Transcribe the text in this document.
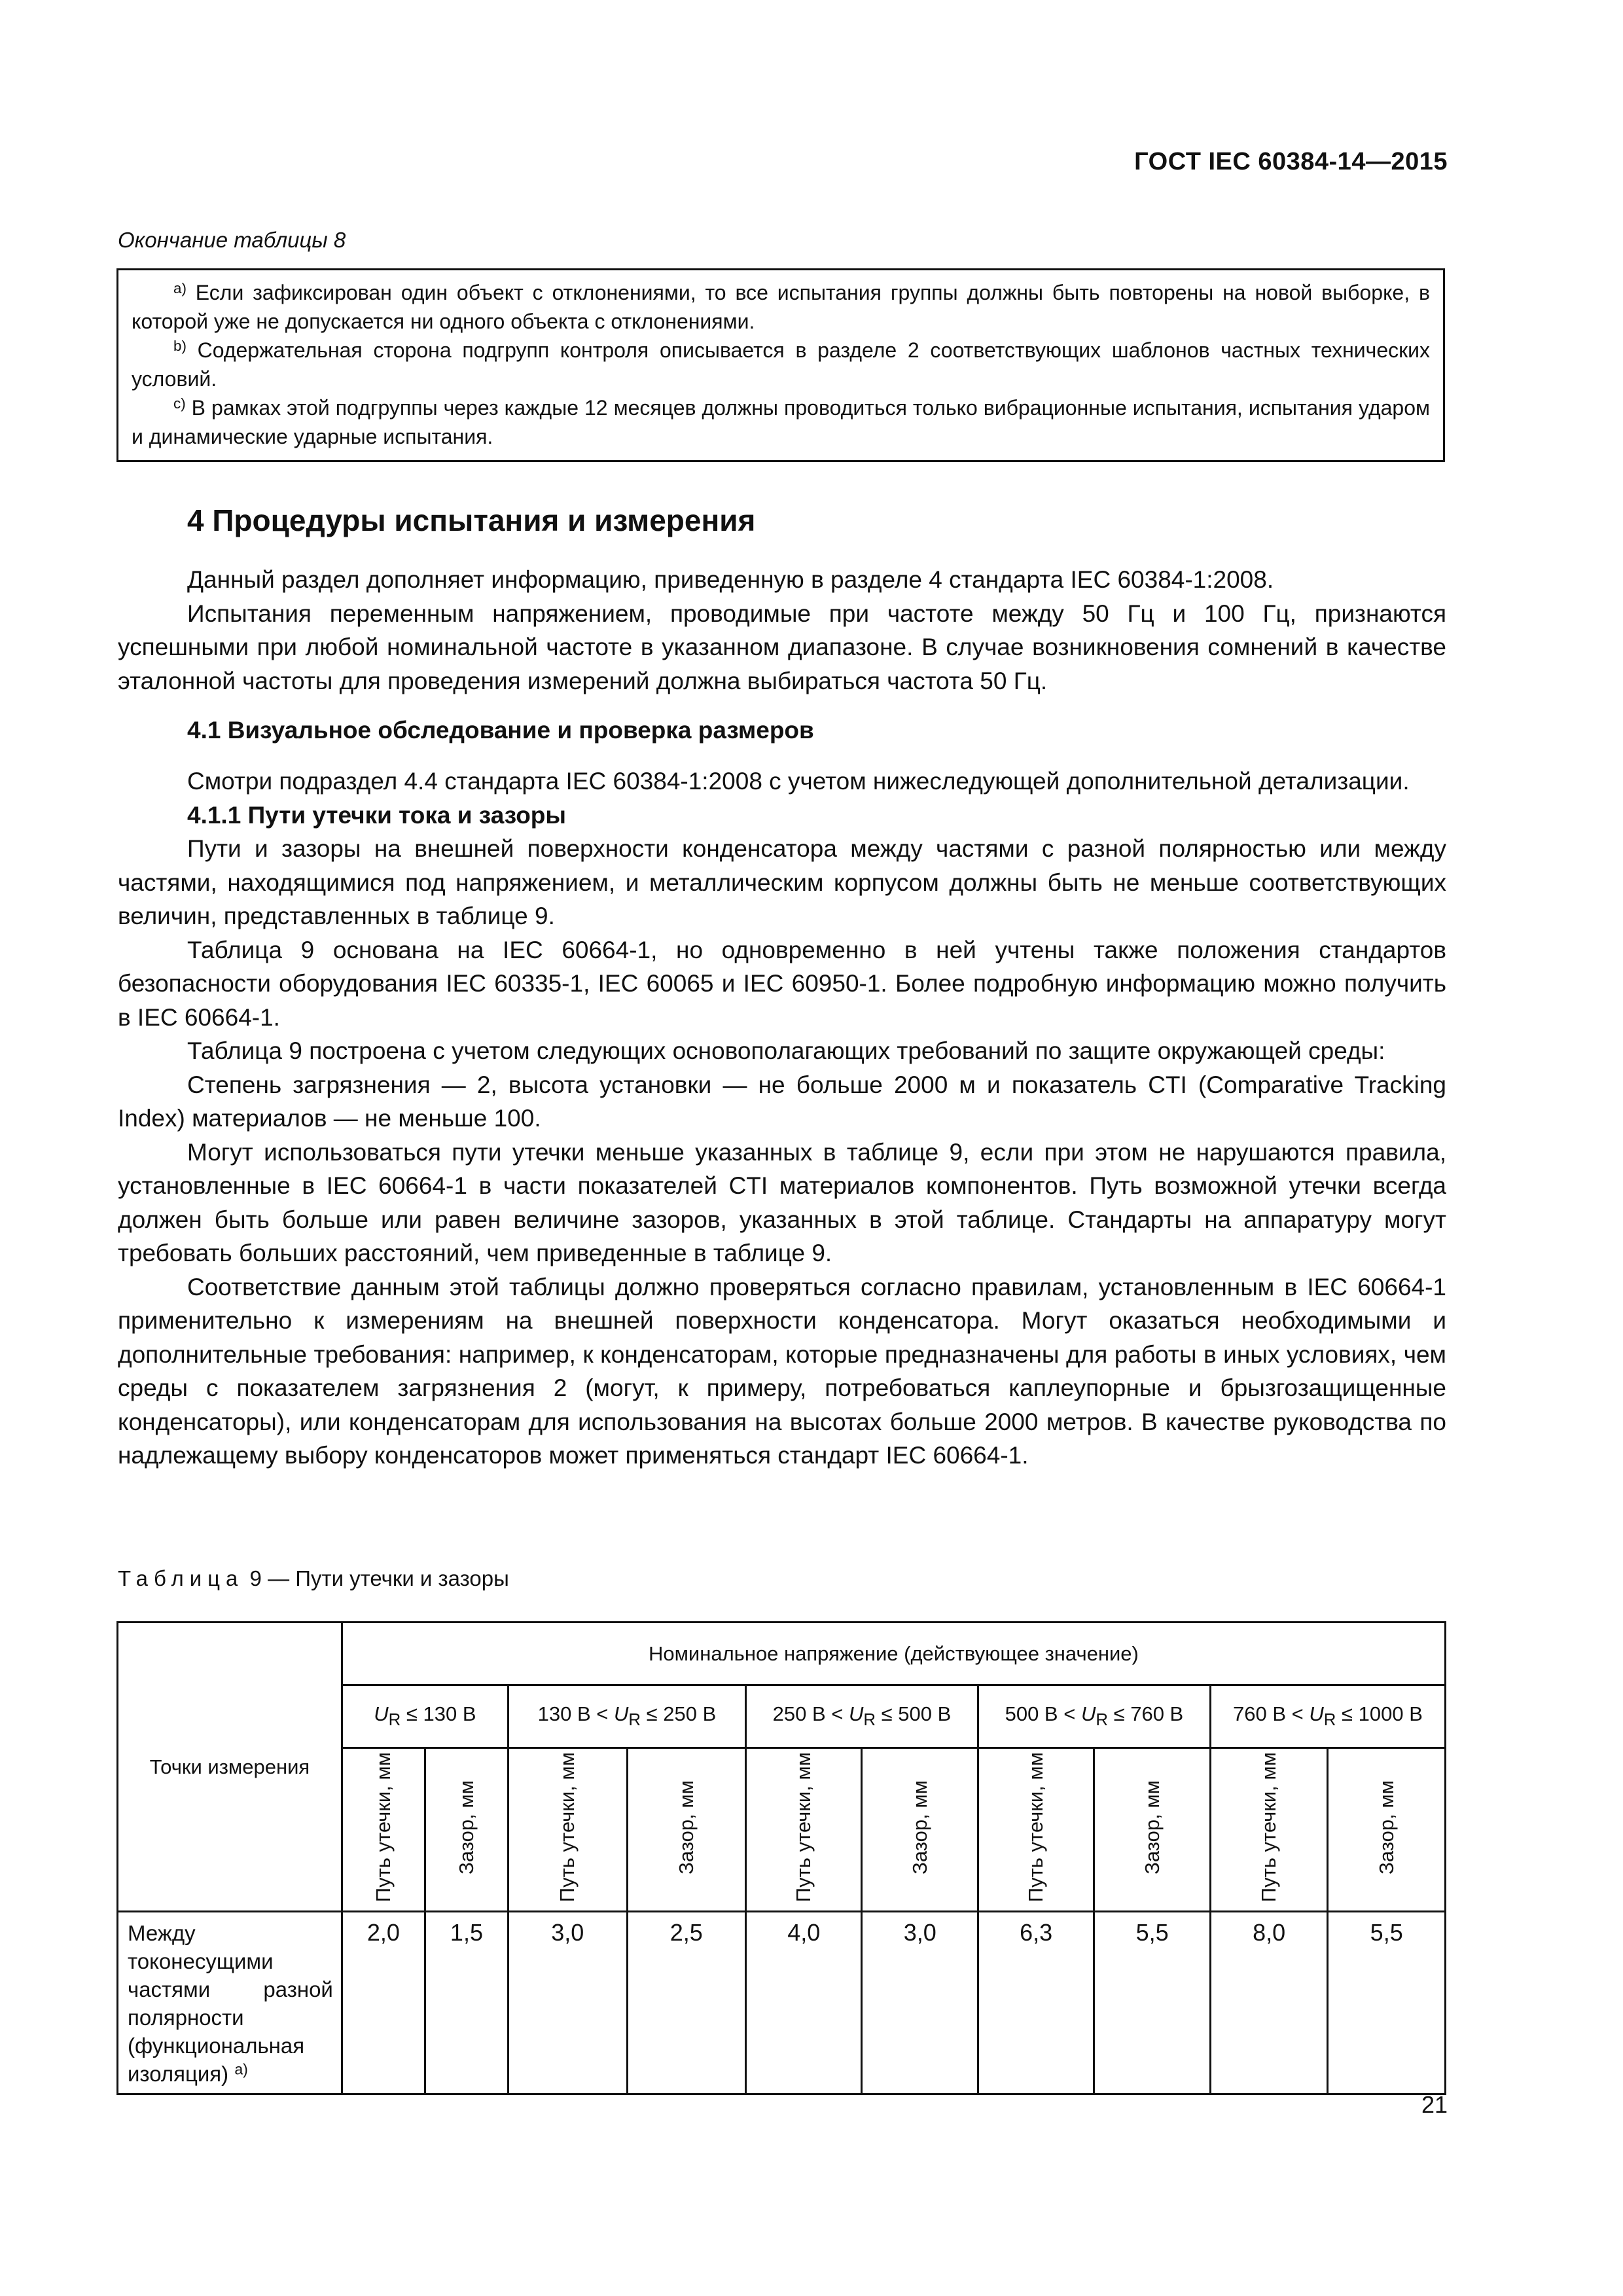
ГОСТ IEC 60384-14—2015
Окончание таблицы 8

$^{a)}$ Если зафиксирован один объект с отклонениями, то все испытания группы должны быть повторены на новой выборке, в которой уже не допускается ни одного объекта с отклонениями.

$^{b)}$ Содержательная сторона подгрупп контроля описывается в разделе 2 соответствующих шаблонов частных технических условий.

$^{c)}$ В рамках этой подгруппы через каждые 12 месяцев должны проводиться только вибрационные испытания, испытания ударом и динамические ударные испытания.

4 Процедуры испытания и измерения

Данный раздел дополняет информацию, приведенную в разделе 4 стандарта IEC 60384-1:2008.

Испытания переменным напряжением, проводимые при частоте между 50 Гц и 100 Гц, признаются успешными при любой номинальной частоте в указанном диапазоне. В случае возникновения сомнений в качестве эталонной частоты для проведения измерений должна выбираться частота 50 Гц.

4.1 Визуальное обследование и проверка размеров

Смотри подраздел 4.4 стандарта IEC 60384-1:2008 с учетом нижеследующей дополнительной детализации.

4.1.1 Пути утечки тока и зазоры

Пути и зазоры на внешней поверхности конденсатора между частями с разной полярностью или между частями, находящимися под напряжением, и металлическим корпусом должны быть не меньше соответствующих величин, представленных в таблице 9.

Таблица 9 основана на IEC 60664-1, но одновременно в ней учтены также положения стандартов безопасности оборудования IEC 60335-1, IEC 60065 и IEC 60950-1. Более подробную информацию можно получить в IEC 60664-1.

Таблица 9 построена с учетом следующих основополагающих требований по защите окружающей среды:

Степень загрязнения — 2, высота установки — не больше 2000 м и показатель CTI (Comparative Tracking Index) материалов — не меньше 100.

Могут использоваться пути утечки меньше указанных в таблице 9, если при этом не нарушаются правила, установленные в IEC 60664-1 в части показателей CTI материалов компонентов. Путь возможной утечки всегда должен быть больше или равен величине зазоров, указанных в этой таблице. Стандарты на аппаратуру могут требовать больших расстояний, чем приведенные в таблице 9.

Соответствие данным этой таблицы должно проверяться согласно правилам, установленным в IEC 60664-1 применительно к измерениям на внешней поверхности конденсатора. Могут оказаться необходимыми и дополнительные требования: например, к конденсаторам, которые предназначены для работы в иных условиях, чем среды с показателем загрязнения 2 (могут, к примеру, потребоваться каплеупорные и брызгозащищенные конденсаторы), или конденсаторам для использования на высотах больше 2000 метров. В качестве руководства по надлежащему выбору конденсаторов может применяться стандарт IEC 60664-1.

Таблица 9 — Пути утечки и зазоры
Точки измерения	Номинальное напряжение (действующее значение)									
	$U_R \le 130$ В		130 $В < U_R \le 250$ В		250 $В < U_R \le 500$ В		500 $В < U_R \le 760$ В		760 $В < U_R \le 1000$ В	
	Путь утечки, мм	Зазор, мм	Путь утечки, мм	Зазор, мм	Путь утечки, мм	Зазор, мм	Путь утечки, мм	Зазор, мм	Путь утечки, мм	Зазор, мм
Между токонесущими частями разной полярности (функциональная изоляция) $^{a)}$	2,0	1,5	3,0	2,5	4,0	3,0	6,3	5,5	8,0	5,5
21
